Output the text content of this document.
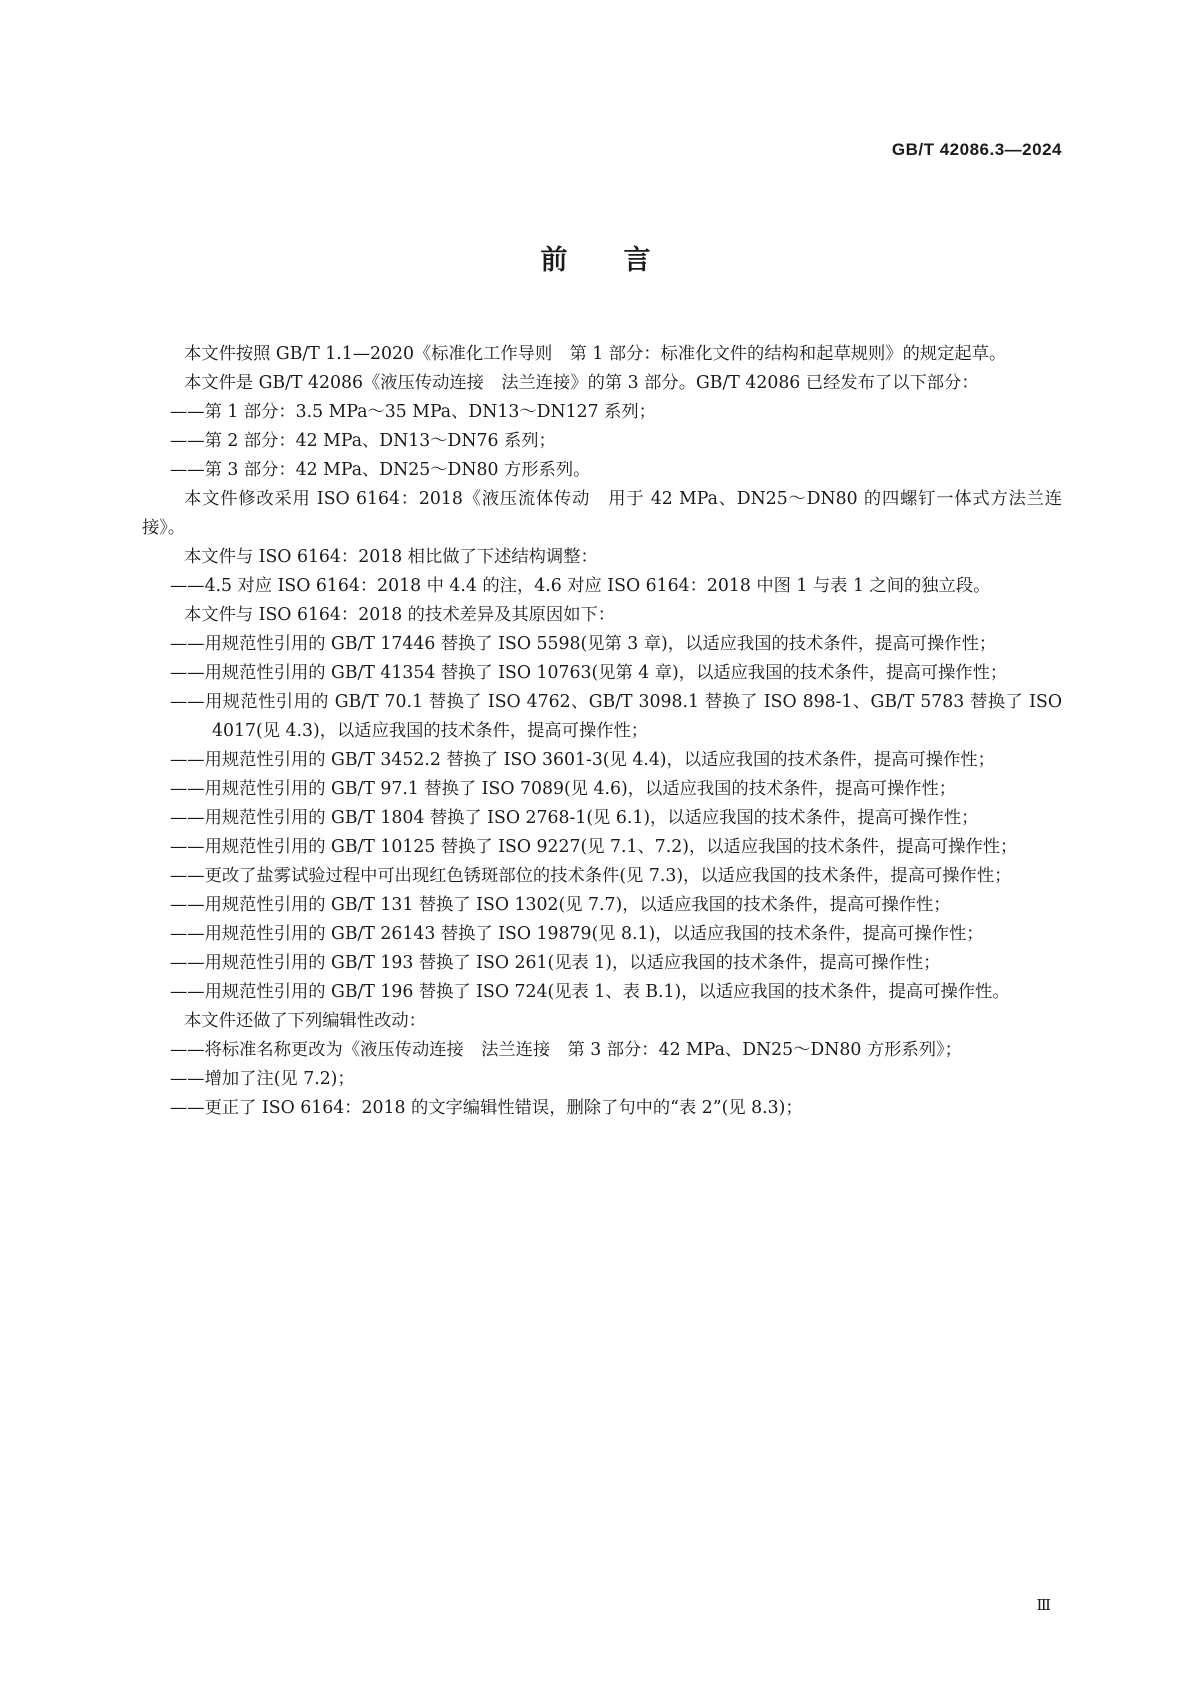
GB/T 42086.3—2024

前言

本文件按照 GB/T 1.1—2020《标准化工作导则　第 1 部分：标准化文件的结构和起草规则》的规定起草。

本文件是 GB/T 42086《液压传动连接　法兰连接》的第 3 部分。GB/T 42086 已经发布了以下部分：

——第 1 部分：3.5 MPa～35 MPa、DN13～DN127 系列；

——第 2 部分：42 MPa、DN13～DN76 系列；

——第 3 部分：42 MPa、DN25～DN80 方形系列。

本文件修改采用 ISO 6164：2018《液压流体传动　用于 42 MPa、DN25～DN80 的四螺钉一体式方法兰连接》。

本文件与 ISO 6164：2018 相比做了下述结构调整：

——4.5 对应 ISO 6164：2018 中 4.4 的注，4.6 对应 ISO 6164：2018 中图 1 与表 1 之间的独立段。

本文件与 ISO 6164：2018 的技术差异及其原因如下：

——用规范性引用的 GB/T 17446 替换了 ISO 5598(见第 3 章)，以适应我国的技术条件，提高可操作性；

——用规范性引用的 GB/T 41354 替换了 ISO 10763(见第 4 章)，以适应我国的技术条件，提高可操作性；

——用规范性引用的 GB/T 70.1 替换了 ISO 4762、GB/T 3098.1 替换了 ISO 898-1、GB/T 5783 替换了 ISO 4017(见 4.3)，以适应我国的技术条件，提高可操作性；

——用规范性引用的 GB/T 3452.2 替换了 ISO 3601-3(见 4.4)，以适应我国的技术条件，提高可操作性；

——用规范性引用的 GB/T 97.1 替换了 ISO 7089(见 4.6)，以适应我国的技术条件，提高可操作性；

——用规范性引用的 GB/T 1804 替换了 ISO 2768-1(见 6.1)，以适应我国的技术条件，提高可操作性；

——用规范性引用的 GB/T 10125 替换了 ISO 9227(见 7.1、7.2)，以适应我国的技术条件，提高可操作性；

——更改了盐雾试验过程中可出现红色锈斑部位的技术条件(见 7.3)，以适应我国的技术条件，提高可操作性；

——用规范性引用的 GB/T 131 替换了 ISO 1302(见 7.7)，以适应我国的技术条件，提高可操作性；

——用规范性引用的 GB/T 26143 替换了 ISO 19879(见 8.1)，以适应我国的技术条件，提高可操作性；

——用规范性引用的 GB/T 193 替换了 ISO 261(见表 1)，以适应我国的技术条件，提高可操作性；

——用规范性引用的 GB/T 196 替换了 ISO 724(见表 1、表 B.1)，以适应我国的技术条件，提高可操作性。

本文件还做了下列编辑性改动：

——将标准名称更改为《液压传动连接　法兰连接　第 3 部分：42 MPa、DN25～DN80 方形系列》；

——增加了注(见 7.2)；

——更正了 ISO 6164：2018 的文字编辑性错误，删除了句中的“表 2”(见 8.3)；

Ⅲ
